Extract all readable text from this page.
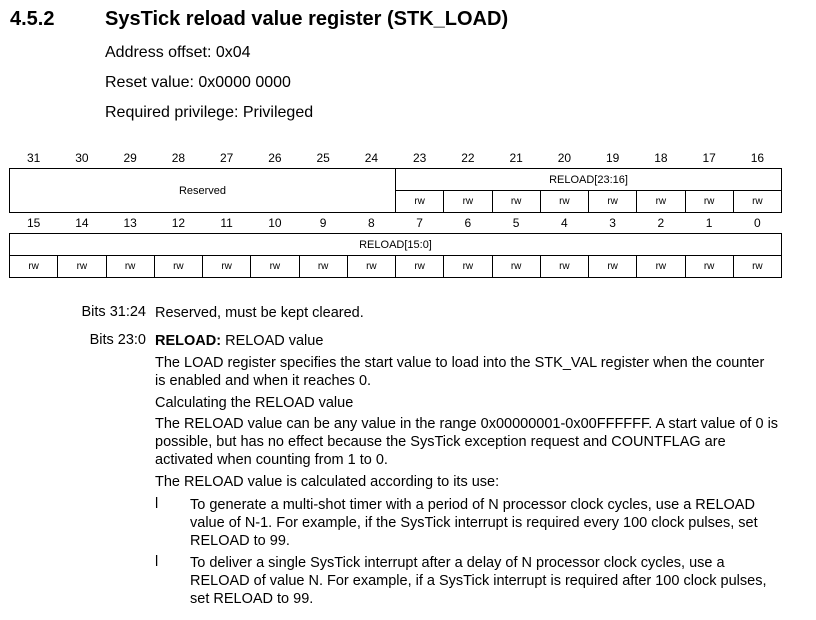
4.5.2	SysTick reload value register (STK_LOAD)
Address offset: 0x04
Reset value: 0x0000 0000
Required privilege: Privileged
31	30	29	28	27	26	25	24	23	22	21	20	19	18	17	16
Reserved								RELOAD[23:16]							
								rw	rw	rw	rw	rw	rw	rw	rw
15	14	13	12	11	10	9	8	7	6	5	4	3	2	1	0
RELOAD[15:0]															
rw	rw	rw	rw	rw	rw	rw	rw	rw	rw	rw	rw	rw	rw	rw	rw
Bits 31:24 Reserved, must be kept cleared.
Bits 23:0 RELOAD: RELOAD value
The LOAD register specifies the start value to load into the STK_VAL register when the counter is enabled and when it reaches 0.
Calculating the RELOAD value
The RELOAD value can be any value in the range 0x00000001-0x00FFFFFF. A start value of 0 is possible, but has no effect because the SysTick exception request and COUNTFLAG are activated when counting from 1 to 0.
The RELOAD value is calculated according to its use:
l To generate a multi-shot timer with a period of N processor clock cycles, use a RELOAD value of N-1. For example, if the SysTick interrupt is required every 100 clock pulses, set RELOAD to 99.
l To deliver a single SysTick interrupt after a delay of N processor clock cycles, use a RELOAD of value N. For example, if a SysTick interrupt is required after 100 clock pulses, set RELOAD to 99.
